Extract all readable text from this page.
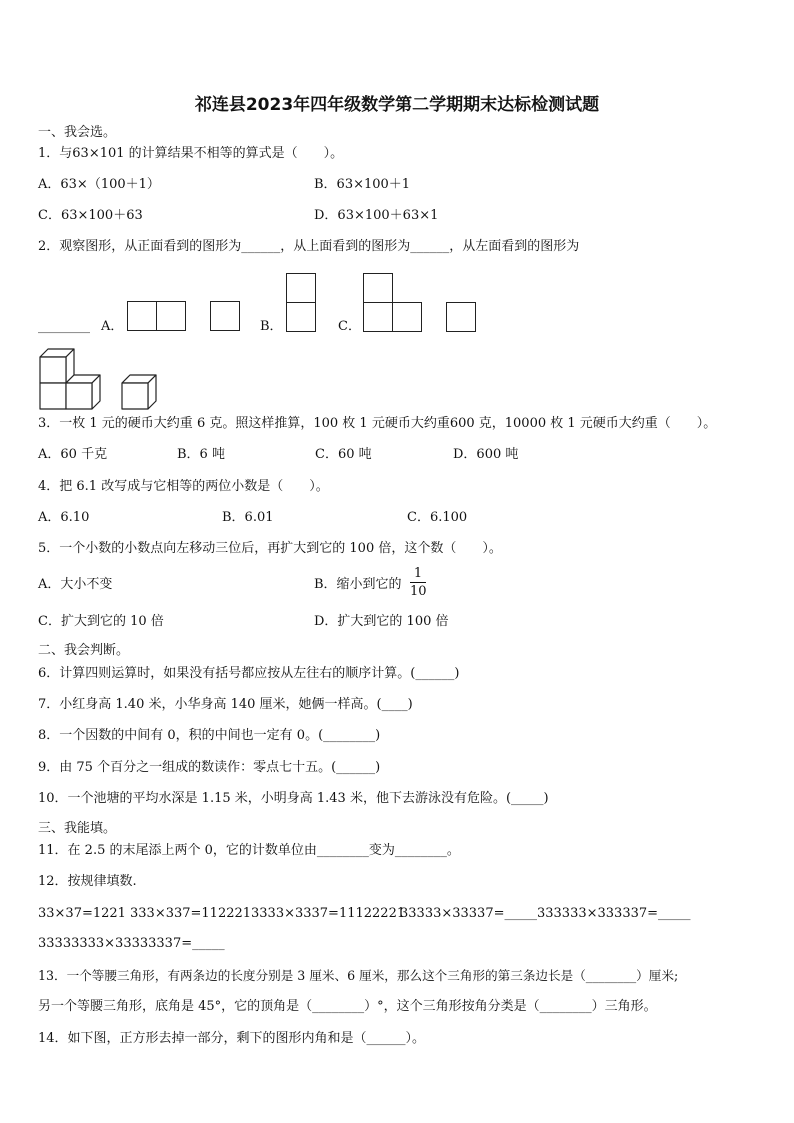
祁连县2023年四年级数学第二学期期末达标检测试题
一、我会选。
1．与63×101 的计算结果不相等的算式是（　　）。
A．63×（100＋1）	B．63×100＋1
C．63×100＋63	D．63×100＋63×1
2．观察图形，从正面看到的图形为______，从上面看到的图形为______，从左面看到的图形为
________ A．	B．	C．
3．一枚 1 元的硬币大约重 6 克。照这样推算，100 枚 1 元硬币大约重600 克，10000 枚 1 元硬币大约重（　　）。
A．60 千克	B．6 吨	C．60 吨	D．600 吨
4．把 6.1 改写成与它相等的两位小数是（　　）。
A．6.10	B．6.01	C．6.100
5．一个小数的小数点向左移动三位后，再扩大到它的 100 倍，这个数（　　）。
A．大小不变	B．缩小到它的
1
10
C．扩大到它的 10 倍	D．扩大到它的 100 倍
二、我会判断。
6．计算四则运算时，如果没有括号都应按从左往右的顺序计算。(______)
7．小红身高 1.40 米，小华身高 140 厘米，她俩一样高。(____)
8．一个因数的中间有 0，积的中间也一定有 0。(________)
9．由 75 个百分之一组成的数读作：零点七十五。(______)
10．一个池塘的平均水深是 1.15 米，小明身高 1.43 米，他下去游泳没有危险。(_____)
三、我能填。
11．在 2.5 的末尾添上两个 0，它的计数单位由________变为________。
12．按规律填数.
33×37=1221 333×337=112221 3333×3337=11122221
33333×33337=_____333333×333337=_____
33333333×33333337=_____
13．一个等腰三角形，有两条边的长度分别是 3 厘米、6 厘米，那么这个三角形的第三条边长是（________）厘米;
另一个等腰三角形，底角是 45°，它的顶角是（________）°，这个三角形按角分类是（________）三角形。
14．如下图，正方形去掉一部分，剩下的图形内角和是（______）。
